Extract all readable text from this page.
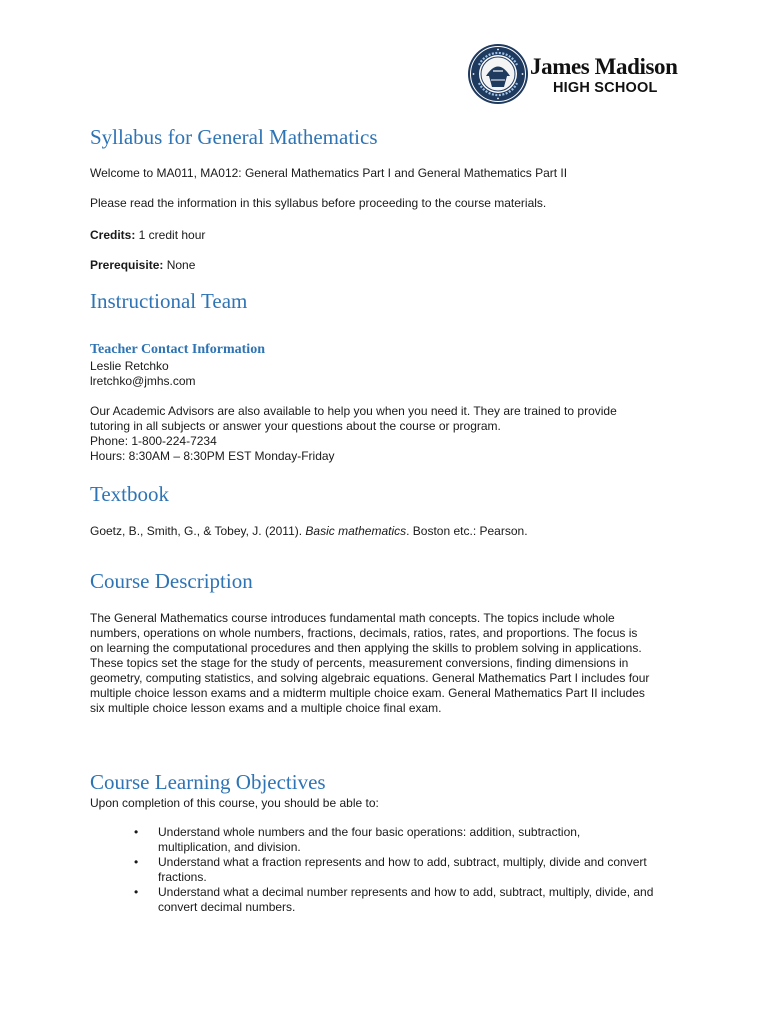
James Madison
HIGH SCHOOL
Syllabus for General Mathematics

Welcome to MA011, MA012: General Mathematics Part I and General Mathematics Part II

Please read the information in this syllabus before proceeding to the course materials.

Credits: 1 credit hour

Prerequisite: None

Instructional Team
Teacher Contact Information

Leslie Retchko

lretchko@jmhs.com

Our Academic Advisors are also available to help you when you need it. They are trained to provide

tutoring in all subjects or answer your questions about the course or program.

Phone: 1-800-224-7234

Hours: 8:30AM – 8:30PM EST Monday-Friday

Textbook

Goetz, B., Smith, G., & Tobey, J. (2011). Basic mathematics. Boston etc.: Pearson.

Course Description
The General Mathematics course introduces fundamental math concepts. The topics include whole
numbers, operations on whole numbers, fractions, decimals, ratios, rates, and proportions. The focus is
on learning the computational procedures and then applying the skills to problem solving in applications.
These topics set the stage for the study of percents, measurement conversions, finding dimensions in
geometry, computing statistics, and solving algebraic equations. General Mathematics Part I includes four
multiple choice lesson exams and a midterm multiple choice exam. General Mathematics Part II includes
six multiple choice lesson exams and a multiple choice final exam.
Course Learning Objectives

Upon completion of this course, you should be able to:

• Understand whole numbers and the four basic operations: addition, subtraction,
multiplication, and division.
• Understand what a fraction represents and how to add, subtract, multiply, divide and convert
fractions.
• Understand what a decimal number represents and how to add, subtract, multiply, divide, and
convert decimal numbers.
